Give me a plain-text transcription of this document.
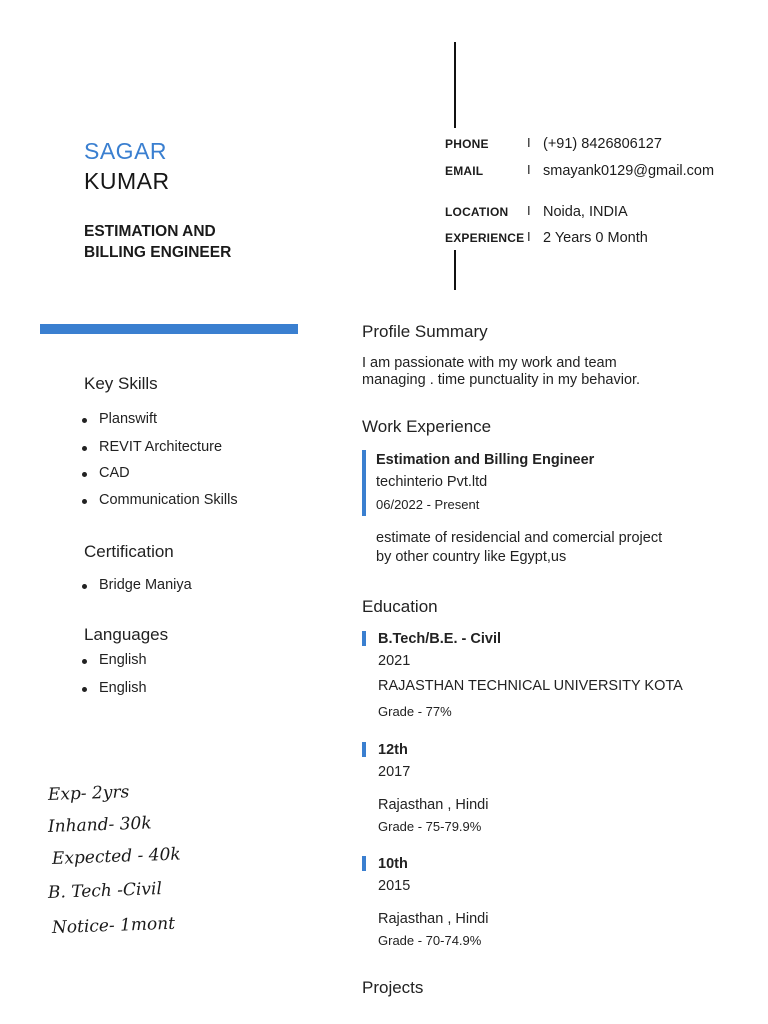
SAGAR
KUMAR
ESTIMATION AND
BILLING ENGINEER
PHONE	I (+91) 8426806127
EMAIL	I smayank0129@gmail.com
LOCATION I Noida, INDIA
EXPERIENCE I 2 Years 0 Month
Key Skills
Planswift
REVIT Architecture
CAD
Communication Skills
Certification
Bridge Maniya
Languages
English
English
Exp- 2yrs
Inhand- 30k
Expected - 40k
B. Tech -Civil
Notice- 1mont
Profile Summary
I am passionate with my work and team
managing . time punctuality in my behavior.
Work Experience
Estimation and Billing Engineer
techinterio Pvt.ltd
06/2022 - Present
estimate of residencial and comercial project
by other country like Egypt,us
Education
B.Tech/B.E. - Civil
2021
RAJASTHAN TECHNICAL UNIVERSITY KOTA
Grade - 77%
12th
2017
Rajasthan , Hindi
Grade - 75-79.9%
10th
2015
Rajasthan , Hindi
Grade - 70-74.9%
Projects
